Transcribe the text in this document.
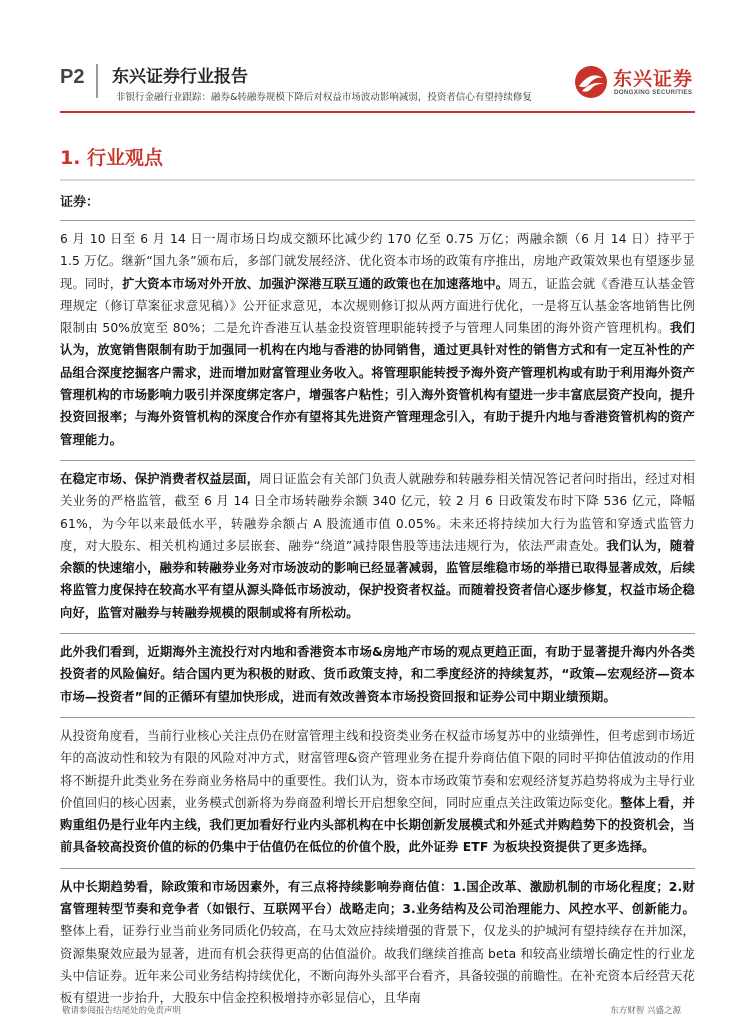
P2 东兴证券行业报告
非银行金融行业跟踪：融券&转融券规模下降后对权益市场波动影响减弱，投资者信心有望持续修复
东兴证券
DONGXING SECURITIES
1. 行业观点
证券：

6 月 10 日至 6 月 14 日一周市场日均成交额环比减少约 170 亿至 0.75 万亿；两融余额（6 月 14 日）持平于 1.5 万亿。继新“国九条”颁布后，多部门就发展经济、优化资本市场的政策有序推出，房地产政策效果也有望逐步显现。同时，扩大资本市场对外开放、加强沪深港互联互通的政策也在加速落地中。周五，证监会就《香港互认基金管理规定（修订草案征求意见稿）》公开征求意见，本次规则修订拟从两方面进行优化，一是将互认基金客地销售比例限制由 50%放宽至 80%；二是允许香港互认基金投资管理职能转授予与管理人同集团的海外资产管理机构。我们认为，放宽销售限制有助于加强同一机构在内地与香港的协同销售，通过更具针对性的销售方式和有一定互补性的产品组合深度挖掘客户需求，进而增加财富管理业务收入。将管理职能转授予海外资产管理机构或有助于利用海外资产管理机构的市场影响力吸引并深度绑定客户，增强客户粘性；引入海外资管机构有望进一步丰富底层资产投向，提升投资回报率；与海外资管机构的深度合作亦有望将其先进资产管理理念引入，有助于提升内地与香港资管机构的资产管理能力。

在稳定市场、保护消费者权益层面，周日证监会有关部门负责人就融券和转融券相关情况答记者问时指出，经过对相关业务的严格监管，截至 6 月 14 日全市场转融券余额 340 亿元，较 2 月 6 日政策发布时下降 536 亿元，降幅 61%，为今年以来最低水平，转融券余额占 A 股流通市值 0.05%。未来还将持续加大行为监管和穿透式监管力度，对大股东、相关机构通过多层嵌套、融券“绕道”减持限售股等违法违规行为，依法严肃查处。我们认为，随着余额的快速缩小，融券和转融券业务对市场波动的影响已经显著减弱，监管层维稳市场的举措已取得显著成效，后续将监管力度保持在较高水平有望从源头降低市场波动，保护投资者权益。而随着投资者信心逐步修复，权益市场企稳向好，监管对融券与转融券规模的限制或将有所松动。

此外我们看到，近期海外主流投行对内地和香港资本市场&房地产市场的观点更趋正面，有助于显著提升海内外各类投资者的风险偏好。结合国内更为积极的财政、货币政策支持，和二季度经济的持续复苏，“政策—宏观经济—资本市场—投资者”间的正循环有望加快形成，进而有效改善资本市场投资回报和证券公司中期业绩预期。

从投资角度看，当前行业核心关注点仍在财富管理主线和投资类业务在权益市场复苏中的业绩弹性，但考虑到市场近年的高波动性和较为有限的风险对冲方式，财富管理&资产管理业务在提升券商估值下限的同时平抑估值波动的作用将不断提升此类业务在券商业务格局中的重要性。我们认为，资本市场政策节奏和宏观经济复苏趋势将成为主导行业价值回归的核心因素，业务模式创新将为券商盈利增长开启想象空间，同时应重点关注政策边际变化。整体上看，并购重组仍是行业年内主线，我们更加看好行业内头部机构在中长期创新发展模式和外延式并购趋势下的投资机会，当前具备较高投资价值的标的仍集中于估值仍在低位的价值个股，此外证券 ETF 为板块投资提供了更多选择。

从中长期趋势看，除政策和市场因素外，有三点将持续影响券商估值：1.国企改革、激励机制的市场化程度；2.财富管理转型节奏和竞争者（如银行、互联网平台）战略走向；3.业务结构及公司治理能力、风控水平、创新能力。整体上看，证券行业当前业务同质化仍较高，在马太效应持续增强的背景下，仅龙头的护城河有望持续存在并加深，资源集聚效应最为显著，进而有机会获得更高的估值溢价。故我们继续首推高 beta 和较高业绩增长确定性的行业龙头中信证券。近年来公司业务结构持续优化，不断向海外头部平台看齐，具备较强的前瞻性。在补充资本后经营天花板有望进一步抬升，大股东中信金控积极增持亦彰显信心，且华南

敬请参阅报告结尾处的免责声明	东方财智 兴盛之源
